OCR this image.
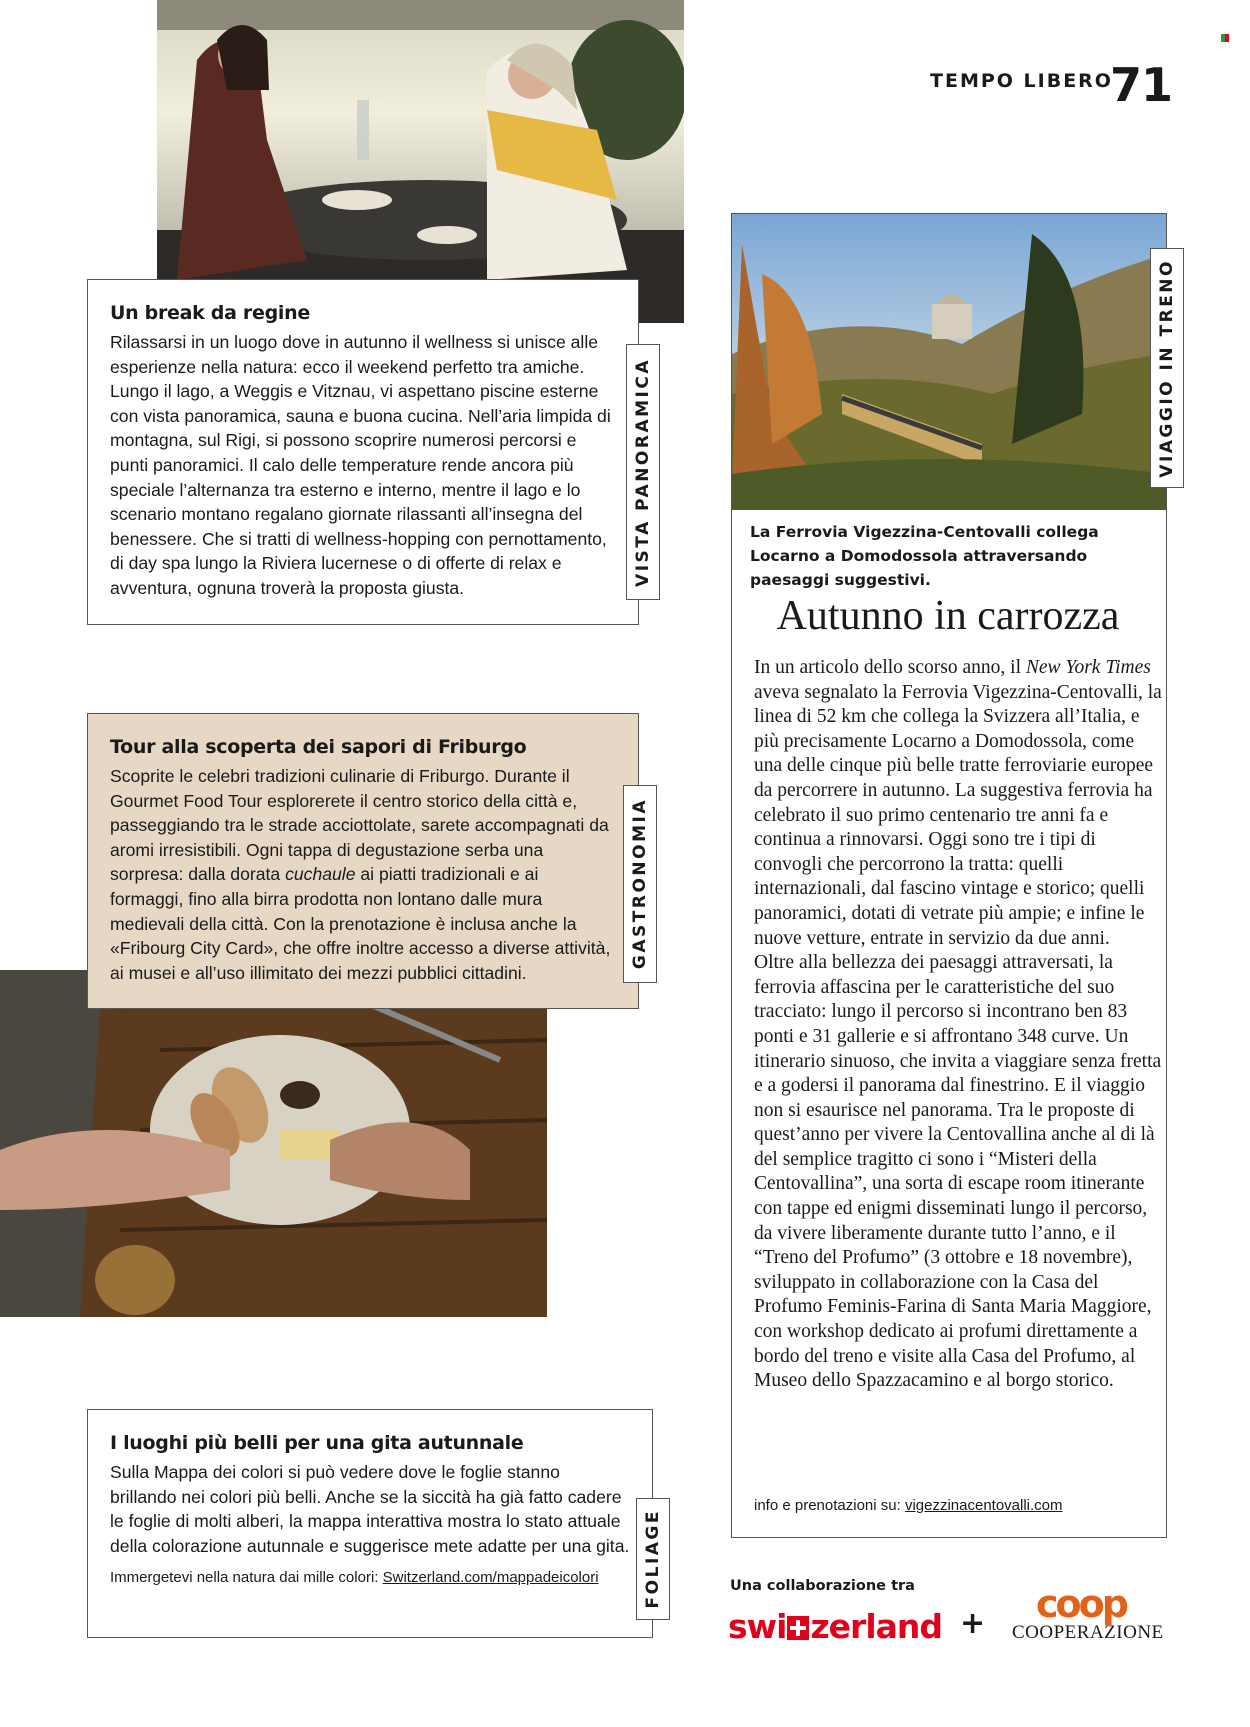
TEMPO LIBERO
71
Un break da regine

Rilassarsi in un luogo dove in autunno il wellness si unisce alle esperienze nella natura: ecco il weekend perfetto tra amiche. Lungo il lago, a Weggis e Vitznau, vi aspettano piscine esterne con vista panoramica, sauna e buona cucina. Nell’aria limpida di montagna, sul Rigi, si possono scoprire numerosi percorsi e punti panoramici. Il calo delle temperature rende ancora più speciale l’alternanza tra esterno e interno, mentre il lago e lo scenario montano regalano giornate rilassanti all’insegna del benessere. Che si tratti di wellness-hopping con pernottamento, di day spa lungo la Riviera lucernese o di offerte di relax e avventura, ognuna troverà la proposta giusta.

VISTA PANORAMICA
Tour alla scoperta dei sapori di Friburgo

Scoprite le celebri tradizioni culinarie di Friburgo. Durante il Gourmet Food Tour esplorerete il centro storico della città e, passeggiando tra le strade acciottolate, sarete accompagnati da aromi irresistibili. Ogni tappa di degustazione serba una sorpresa: dalla dorata cuchaule ai piatti tradizionali e ai formaggi, fino alla birra prodotta non lontano dalle mura medievali della città. Con la prenotazione è inclusa anche la «Fribourg City Card», che offre inoltre accesso a diverse attività, ai musei e all’uso illimitato dei mezzi pubblici cittadini.

GASTRONOMIA
I luoghi più belli per una gita autunnale

Sulla Mappa dei colori si può vedere dove le foglie stanno brillando nei colori più belli. Anche se la siccità ha già fatto cadere le foglie di molti alberi, la mappa interattiva mostra lo stato attuale della colorazione autunnale e suggerisce mete adatte per una gita.

Immergetevi nella natura dai mille colori: Switzerland.com/mappadeicolori	FOLIAGE
VIAGGIO IN TRENO
La Ferrovia Vigezzina-Centovalli collega Locarno a Domodossola attraversando paesaggi suggestivi.
Autunno in carrozza
In un articolo dello scorso anno, il New York Times aveva segnalato la Ferrovia Vigezzina-Centovalli, la linea di 52 km che collega la Svizzera all’Italia, e più precisamente Locarno a Domodossola, come una delle cinque più belle tratte ferroviarie europee da percorrere in autunno. La suggestiva ferrovia ha celebrato il suo primo centenario tre anni fa e continua a rinnovarsi. Oggi sono tre i tipi di convogli che percorrono la tratta: quelli internazionali, dal fascino vintage e storico; quelli panoramici, dotati di vetrate più ampie; e infine le nuove vetture, entrate in servizio da due anni.
Oltre alla bellezza dei paesaggi attraversati, la ferrovia affascina per le caratteristiche del suo tracciato: lungo il percorso si incontrano ben 83 ponti e 31 gallerie e si affrontano 348 curve. Un itinerario sinuoso, che invita a viaggiare senza fretta e a godersi il panorama dal finestrino. E il viaggio non si esaurisce nel panorama. Tra le proposte di quest’anno per vivere la Centovallina anche al di là del semplice tragitto ci sono i “Misteri della Centovallina”, una sorta di escape room itinerante con tappe ed enigmi disseminati lungo il percorso, da vivere liberamente durante tutto l’anno, e il “Treno del Profumo” (3 ottobre e 18 novembre), sviluppato in collaborazione con la Casa del Profumo Feminis-Farina di Santa Maria Maggiore, con workshop dedicato ai profumi direttamente a bordo del treno e visite alla Casa del Profumo, al Museo dello Spazzacamino e al borgo storico.
info e prenotazioni su: vigezzinacentovalli.com
Una collaborazione tra
swi zerland + coop
COOPERAZIONE
